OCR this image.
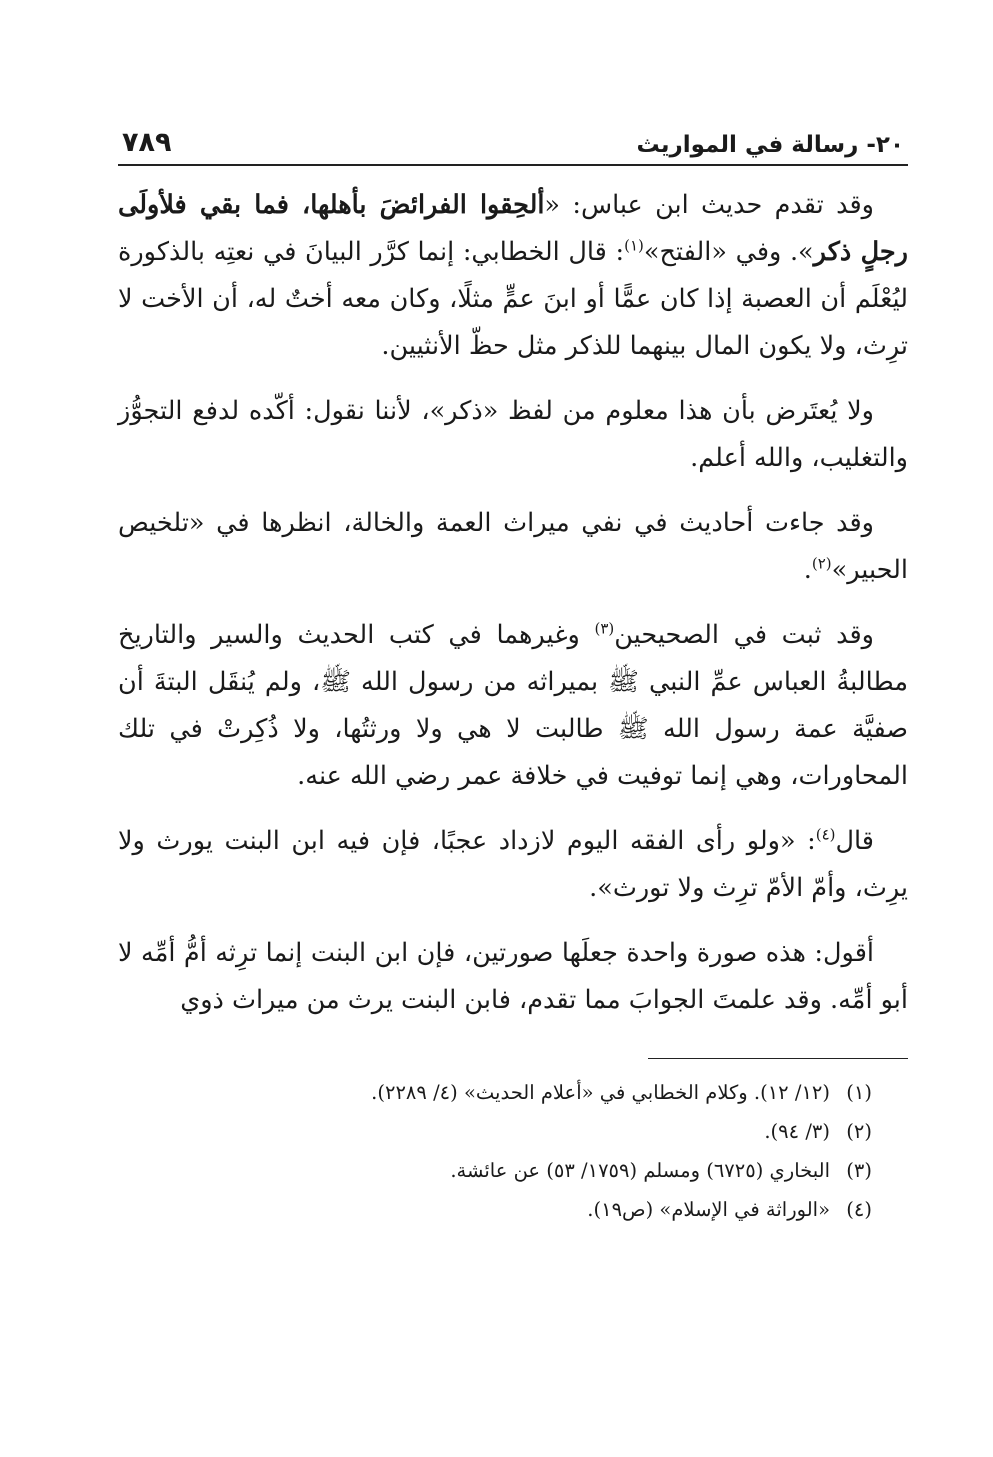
٢٠- رسالة في المواريث
٧٨٩

وقد تقدم حديث ابن عباس: «ألحِقوا الفرائضَ بأهلها، فما بقي فلأولَى رجلٍ ذكر». وفي «الفتح»$^{(١)}$: قال الخطابي: إنما كرَّر البيانَ في نعتِه بالذكورة ليُعْلَم أن العصبة إذا كان عمًّا أو ابنَ عمٍّ مثلًا، وكان معه أختٌ له، أن الأخت لا ترِث، ولا يكون المال بينهما للذكر مثل حظّ الأنثيين.

ولا يُعتَرض بأن هذا معلوم من لفظ «ذكر»، لأننا نقول: أكّده لدفع التجوُّز والتغليب، والله أعلم.

وقد جاءت أحاديث في نفي ميراث العمة والخالة، انظرها في «تلخيص الحبير»$^{(٢)}$.

وقد ثبت في الصحيحين$^{(٣)}$ وغيرهما في كتب الحديث والسير والتاريخ مطالبةُ العباس عمِّ النبي ﷺ بميراثه من رسول الله ﷺ، ولم يُنقَل البتةَ أن صفيَّة عمة رسول الله ﷺ طالبت لا هي ولا ورثتُها، ولا ذُكِرتْ في تلك المحاورات، وهي إنما توفيت في خلافة عمر رضي الله عنه.

قال$^{(٤)}$: «ولو رأى الفقه اليوم لازداد عجبًا، فإن فيه ابن البنت يورث ولا يرِث، وأمّ الأمّ ترِث ولا تورث».

أقول: هذه صورة واحدة جعلَها صورتين، فإن ابن البنت إنما ترِثه أمُّ أمِّه لا أبو أمِّه. وقد علمتَ الجوابَ مما تقدم، فابن البنت يرث من ميراث ذوي

(١)(١٢/ ١٢). وكلام الخطابي في «أعلام الحديث» (٤/ ٢٢٨٩).
(٢)(٣/ ٩٤).
(٣)البخاري (٦٧٢٥) ومسلم (١٧٥٩/ ٥٣) عن عائشة.
(٤)«الوراثة في الإسلام» (ص١٩).
